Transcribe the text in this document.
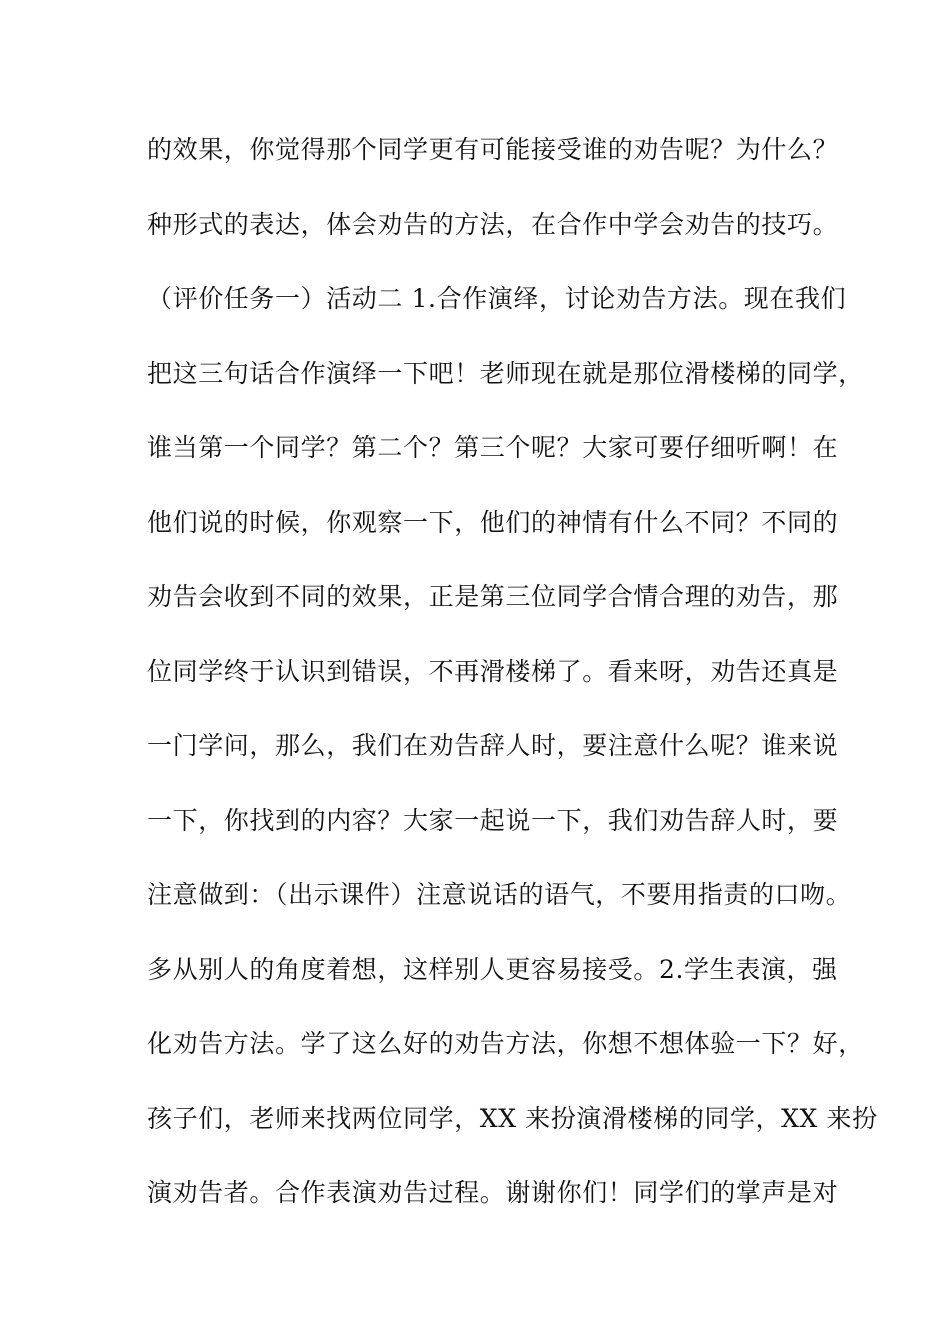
的效果，你觉得那个同学更有可能接受谁的劝告呢？为什么？
种形式的表达，体会劝告的方法，在合作中学会劝告的技巧。
（评价任务一）活动二 1.合作演绎，讨论劝告方法。现在我们
把这三句话合作演绎一下吧！老师现在就是那位滑楼梯的同学，
谁当第一个同学？第二个？第三个呢？大家可要仔细听啊！在
他们说的时候，你观察一下，他们的神情有什么不同？不同的
劝告会收到不同的效果，正是第三位同学合情合理的劝告，那
位同学终于认识到错误，不再滑楼梯了。看来呀，劝告还真是
一门学问，那么，我们在劝告辞人时，要注意什么呢？谁来说
一下，你找到的内容？大家一起说一下，我们劝告辞人时，要
注意做到：（出示课件）注意说话的语气，不要用指责的口吻。
多从别人的角度着想，这样别人更容易接受。2.学生表演，强
化劝告方法。学了这么好的劝告方法，你想不想体验一下？好，
孩子们，老师来找两位同学，XX 来扮演滑楼梯的同学，XX 来扮
演劝告者。合作表演劝告过程。谢谢你们！同学们的掌声是对
